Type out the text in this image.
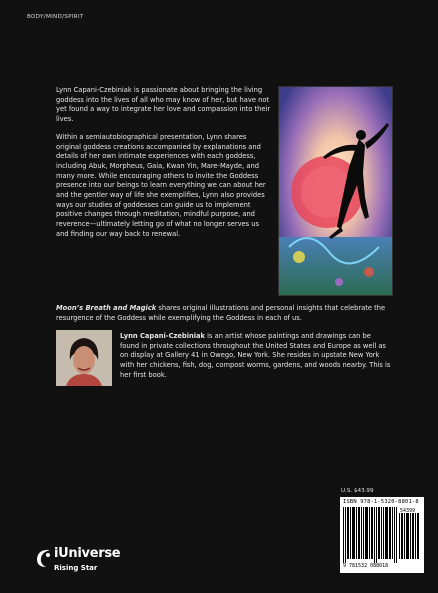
BODY/MIND/SPIRIT

Lynn Capani-Czebiniak is passionate about bringing the living goddess into the lives of all who may know of her, but have not yet found a way to integrate her love and compassion into their lives.

Within a semiautobiographical presentation, Lynn shares original goddess creations accompanied by explanations and details of her own intimate experiences with each goddess, including Abuk, Morpheus, Gaia, Kwan Yin, Mare-Mayde, and many more. While encouraging others to invite the Goddess presence into our beings to learn everything we can about her and the gentler way of life she exemplifies, Lynn also provides ways our studies of goddesses can guide us to implement positive changes through meditation, mindful purpose, and reverence—ultimately letting go of what no longer serves us and finding our way back to renewal.

Moon’s Breath and Magick shares original illustrations and personal insights that celebrate the resurgence of the Goddess while exemplifying the Goddess in each of us.
Lynn Capani-Czebiniak is an artist whose paintings and drawings can be found in private collections throughout the United States and Europe as well as on display at Gallery 41 in Owego, New York. She resides in upstate New York with her chickens, fish, dog, compost worms, gardens, and woods nearby. This is her first book.
U.S. $43.99
ISBN 978-1-5320-8801-8
54399
9 781532 088018
iUniverse
Rising Star
